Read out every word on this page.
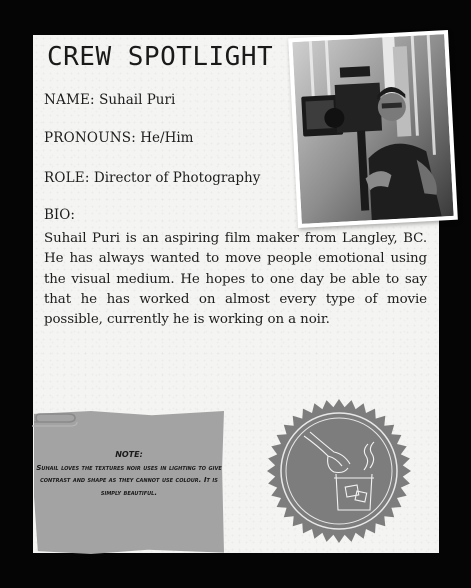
CREW SPOTLIGHT
NAME: Suhail Puri
PRONOUNS: He/Him
ROLE: Director of Photography
BIO:
Suhail Puri is an aspiring film maker from Langley, BC. He has always wanted to move people emotional using the visual medium. He hopes to one day be able to say that he has worked on almost every type of movie possible, currently he is working on a noir.
NOTE:
Suhail loves the textures noir uses in lighting to give contrast and shape as they cannot use colour. It is simply beautiful.
